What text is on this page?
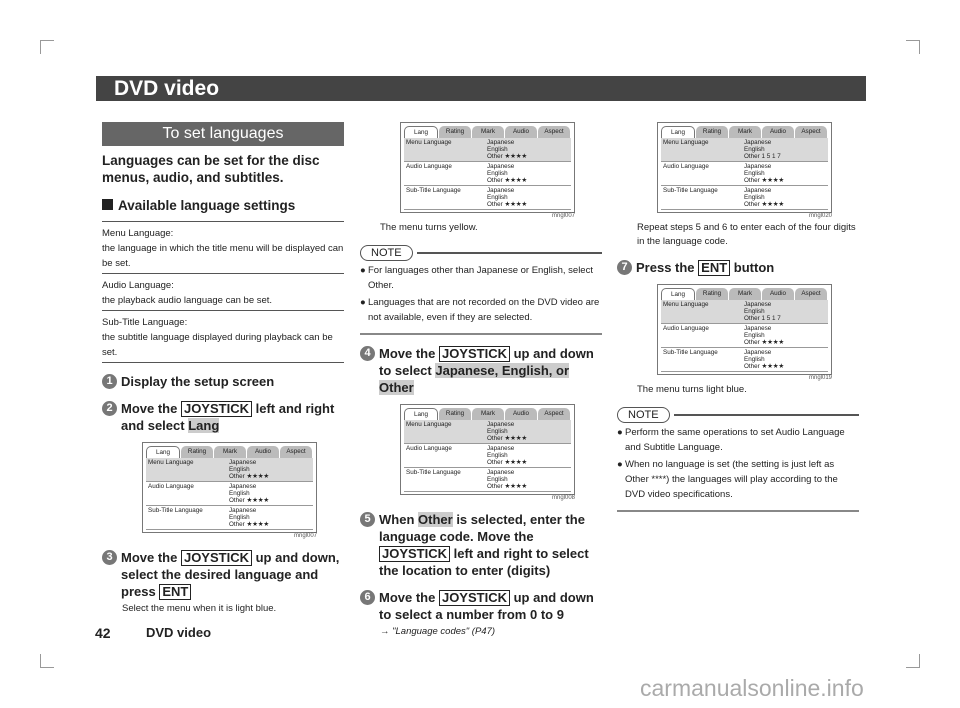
DVD video
To set languages
Languages can be set for the disc menus, audio, and subtitles.
Available language settings
Menu Language:
the language in which the title menu will be displayed can be set.
Audio Language:
the playback audio language can be set.
Sub-Title Language:
the subtitle language displayed during playback can be set.
1 Display the setup screen
2 Move the JOYSTICK left and right and select Lang
Lang	Rating	Mark	Audio	Aspect
Menu Language	Japanese
English
Other ★★★★
Audio Language	Japanese
English
Other ★★★★
Sub-Title Language	Japanese
English
Other ★★★★
mngl007
3 Move the JOYSTICK up and down, select the desired language and press ENT
Select the menu when it is light blue.
Lang	Rating	Mark	Audio	Aspect
Menu Language	Japanese
English
Other ★★★★
Audio Language	Japanese
English
Other ★★★★
Sub-Title Language	Japanese
English
Other ★★★★
mngl007
The menu turns yellow.
NOTE
● For languages other than Japanese or English, select Other.
● Languages that are not recorded on the DVD video are not available, even if they are selected.
4 Move the JOYSTICK up and down to select Japanese, English, or Other
Lang	Rating	Mark	Audio	Aspect
Menu Language	Japanese
English
Other ★★★★
Audio Language	Japanese
English
Other ★★★★
Sub-Title Language	Japanese
English
Other ★★★★
mngl008
5 When Other is selected, enter the language code. Move the JOYSTICK left and right to select the location to enter (digits)
6 Move the JOYSTICK up and down to select a number from 0 to 9
→ "Language codes" (P47)
Lang	Rating	Mark	Audio	Aspect
Menu Language	Japanese
English
Other 1 5 1 7
Audio Language	Japanese
English
Other ★★★★
Sub-Title Language	Japanese
English
Other ★★★★
mngl020
Repeat steps 5 and 6 to enter each of the four digits in the language code.
7 Press the ENT button
Lang	Rating	Mark	Audio	Aspect
Menu Language	Japanese
English
Other 1 5 1 7
Audio Language	Japanese
English
Other ★★★★
Sub-Title Language	Japanese
English
Other ★★★★
mngl019
The menu turns light blue.
NOTE
● Perform the same operations to set Audio Language and Subtitle Language.
● When no language is set (the setting is just left as Other ****) the languages will play according to the DVD video specifications.
42	DVD video
carmanualsonline.info
